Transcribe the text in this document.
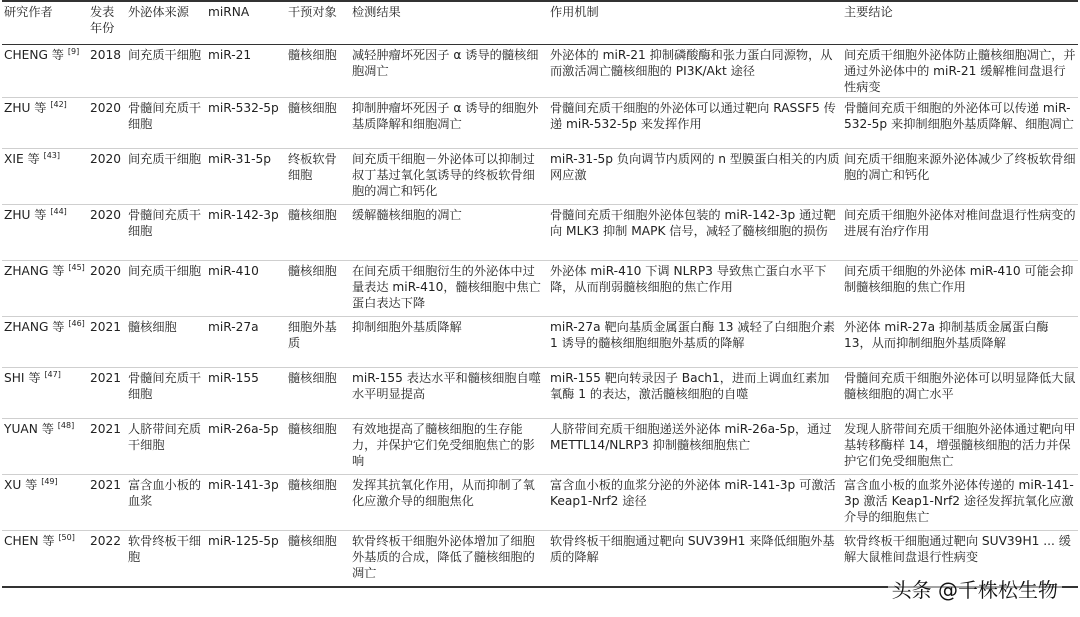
研究作者	发表年份	外泌体来源	miRNA	干预对象	检测结果	作用机制	主要结论
CHENG 等 [9]	2018	间充质干细胞	miR-21	髓核细胞	减轻肿瘤坏死因子 α 诱导的髓核细胞凋亡	外泌体的 miR-21 抑制磷酸酶和张力蛋白同源物，从而激活凋亡髓核细胞的 PI3K/Akt 途径	间充质干细胞外泌体防止髓核细胞凋亡，并通过外泌体中的 miR-21 缓解椎间盘退行性病变
ZHU 等 [42]	2020	骨髓间充质干细胞	miR-532-5p	髓核细胞	抑制肿瘤坏死因子 α 诱导的细胞外基质降解和细胞凋亡	骨髓间充质干细胞的外泌体可以通过靶向 RASSF5 传递 miR-532-5p 来发挥作用	骨髓间充质干细胞的外泌体可以传递 miR-532-5p 来抑制细胞外基质降解、细胞凋亡
XIE 等 [43]	2020	间充质干细胞	miR-31-5p	终板软骨细胞	间充质干细胞－外泌体可以抑制过叔丁基过氧化氢诱导的终板软骨细胞的凋亡和钙化	miR-31-5p 负向调节内质网的 n 型膜蛋白相关的内质网应激	间充质干细胞来源外泌体减少了终板软骨细胞的凋亡和钙化
ZHU 等 [44]	2020	骨髓间充质干细胞	miR-142-3p	髓核细胞	缓解髓核细胞的凋亡	骨髓间充质干细胞外泌体包装的 miR-142-3p 通过靶向 MLK3 抑制 MAPK 信号，减轻了髓核细胞的损伤	间充质干细胞外泌体对椎间盘退行性病变的进展有治疗作用
ZHANG 等 [45]	2020	间充质干细胞	miR-410	髓核细胞	在间充质干细胞衍生的外泌体中过量表达 miR-410，髓核细胞中焦亡蛋白表达下降	外泌体 miR-410 下调 NLRP3 导致焦亡蛋白水平下降，从而削弱髓核细胞的焦亡作用	间充质干细胞的外泌体 miR-410 可能会抑制髓核细胞的焦亡作用
ZHANG 等 [46]	2021	髓核细胞	miR-27a	细胞外基质	抑制细胞外基质降解	miR-27a 靶向基质金属蛋白酶 13 减轻了白细胞介素 1 诱导的髓核细胞细胞外基质的降解	外泌体 miR-27a 抑制基质金属蛋白酶 13，从而抑制细胞外基质降解
SHI 等 [47]	2021	骨髓间充质干细胞	miR-155	髓核细胞	miR-155 表达水平和髓核细胞自噬水平明显提高	miR-155 靶向转录因子 Bach1，进而上调血红素加氧酶 1 的表达，激活髓核细胞的自噬	骨髓间充质干细胞外泌体可以明显降低大鼠髓核细胞的凋亡水平
YUAN 等 [48]	2021	人脐带间充质干细胞	miR-26a-5p	髓核细胞	有效地提高了髓核细胞的生存能力，并保护它们免受细胞焦亡的影响	人脐带间充质干细胞递送外泌体 miR-26a-5p，通过 METTL14/NLRP3 抑制髓核细胞焦亡	发现人脐带间充质干细胞外泌体通过靶向甲基转移酶样 14，增强髓核细胞的活力并保护它们免受细胞焦亡
XU 等 [49]	2021	富含血小板的血浆	miR-141-3p	髓核细胞	发挥其抗氧化作用，从而抑制了氧化应激介导的细胞焦化	富含血小板的血浆分泌的外泌体 miR-141-3p 可激活 Keap1-Nrf2 途径	富含血小板的血浆外泌体传递的 miR-141-3p 激活 Keap1-Nrf2 途径发挥抗氧化应激介导的细胞焦亡
CHEN 等 [50]	2022	软骨终板干细胞	miR-125-5p	髓核细胞	软骨终板干细胞外泌体增加了细胞外基质的合成，降低了髓核细胞的凋亡	软骨终板干细胞通过靶向 SUV39H1 来降低细胞外基质的降解	软骨终板干细胞通过靶向 SUV39H1 ... 缓解大鼠椎间盘退行性病变
头条 @千株松生物
